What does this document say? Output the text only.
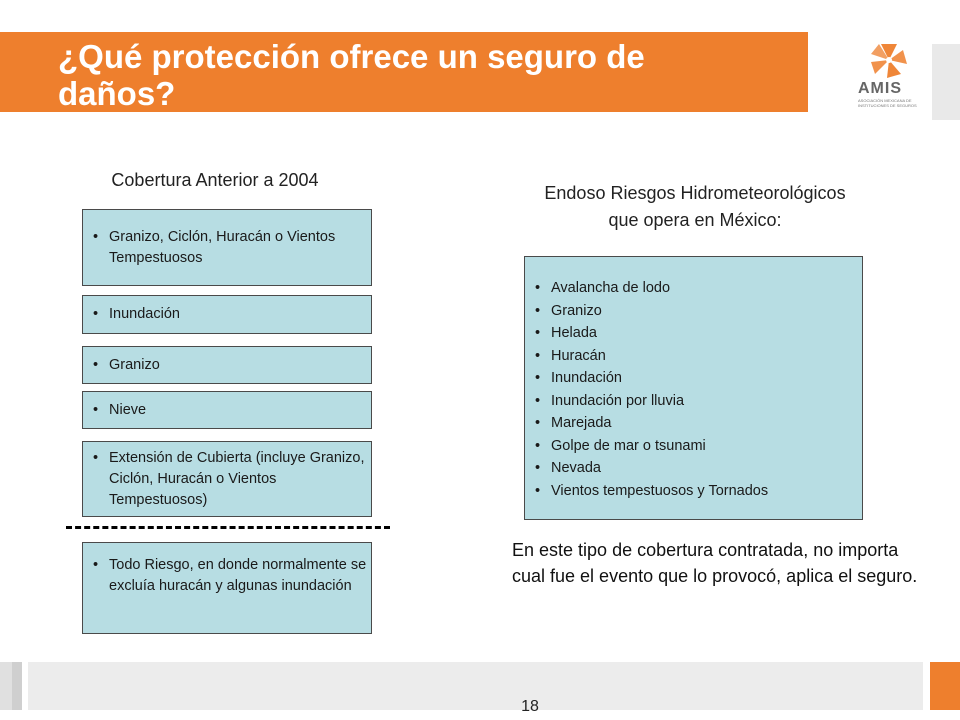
¿Qué protección ofrece un seguro de daños?	AMIS
ASOCIACIÓN MEXICANA DE INSTITUCIONES DE SEGUROS
Cobertura Anterior a 2004
• Granizo, Ciclón, Huracán o Vientos Tempestuosos
• Inundación
• Granizo
• Nieve
• Extensión de Cubierta (incluye Granizo, Ciclón, Huracán o Vientos Tempestuosos)
• Todo Riesgo, en donde normalmente se excluía huracán y algunas inundación
Endoso Riesgos Hidrometeorológicos
que opera en México:
• Avalancha de lodo
• Granizo
• Helada
• Huracán
• Inundación
• Inundación por lluvia
• Marejada
• Golpe de mar o tsunami
• Nevada
• Vientos tempestuosos y Tornados
En este tipo de cobertura contratada, no importa cual fue el evento que lo provocó, aplica el seguro.
18
